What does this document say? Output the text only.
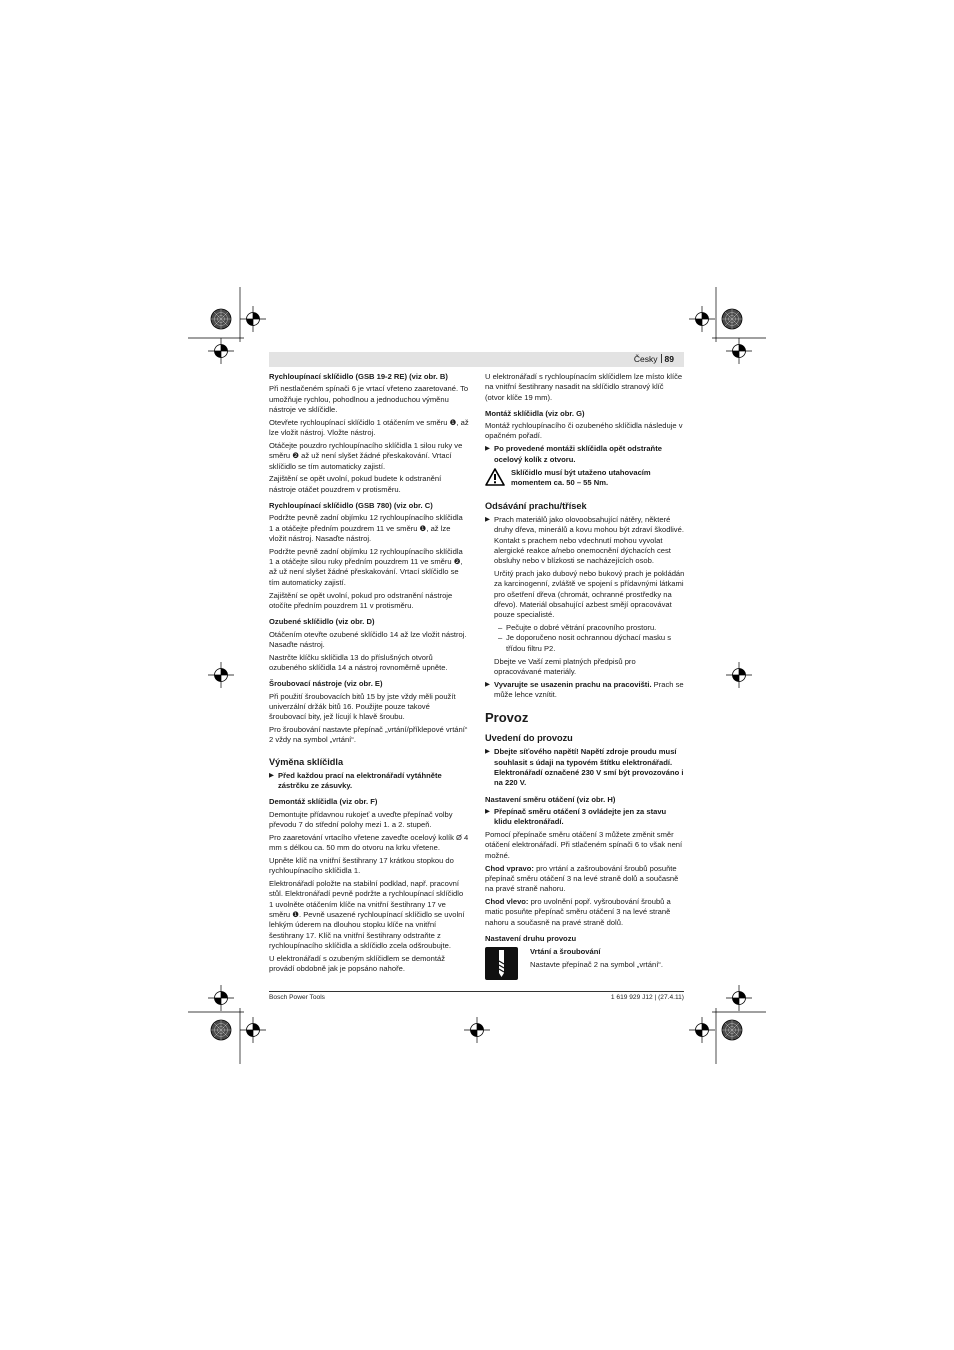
Česky 89
Rychloupínací sklíčidlo (GSB 19-2 RE) (viz obr. B)

Při nestlačeném spínači 6 je vrtací vřeteno zaaretované. To umožňuje rychlou, pohodlnou a jednoduchou výměnu nástroje ve sklíčidle.

Otevřete rychloupínací sklíčidlo 1 otáčením ve směru ❶, až lze vložit nástroj. Vložte nástroj.

Otáčejte pouzdro rychloupínacího sklíčidla 1 silou ruky ve směru ❷ až už není slyšet žádné přeskakování. Vrtací sklíčidlo se tím automaticky zajistí.

Zajištění se opět uvolní, pokud budete k odstranění nástroje otáčet pouzdrem v protisměru.

Rychloupínací sklíčidlo (GSB 780) (viz obr. C)

Podržte pevně zadní objímku 12 rychloupínacího sklíčidla 1 a otáčejte předním pouzdrem 11 ve směru ❶, až lze vložit nástroj. Nasaďte nástroj.

Podržte pevně zadní objímku 12 rychloupínacího sklíčidla 1 a otáčejte silou ruky předním pouzdrem 11 ve směru ❷, až už není slyšet žádné přeskakování. Vrtací sklíčidlo se tím automaticky zajistí.

Zajištění se opět uvolní, pokud pro odstranění nástroje otočíte předním pouzdrem 11 v protisměru.

Ozubené sklíčidlo (viz obr. D)

Otáčením otevřte ozubené sklíčidlo 14 až lze vložit nástroj. Nasaďte nástroj.

Nastrčte klíčku sklíčidla 13 do příslušných otvorů ozubeného sklíčidla 14 a nástroj rovnoměrně upněte.

Šroubovací nástroje (viz obr. E)

Při použití šroubovacích bitů 15 by jste vždy měli použít univerzální držák bitů 16. Použijte pouze takové šroubovací bity, jež lícují k hlavě šroubu.

Pro šroubování nastavte přepínač „vrtání/příklepové vrtání“ 2 vždy na symbol „vrtání“.

Výměna sklíčidla
▶ Před každou prací na elektronářadí vytáhněte zástrčku ze zásuvky.
Demontáž sklíčidla (viz obr. F)

Demontujte přídavnou rukojeť a uveďte přepínač volby převodu 7 do střední polohy mezi 1. a 2. stupeň.

Pro zaaretování vrtacího vřetene zaveďte ocelový kolík Ø 4 mm s délkou ca. 50 mm do otvoru na krku vřetene.

Upněte klíč na vnitřní šestihrany 17 krátkou stopkou do rychloupínacího sklíčidla 1.

Elektronářadí položte na stabilní podklad, např. pracovní stůl. Elektronářadí pevně podržte a rychloupínací sklíčidlo 1 uvolněte otáčením klíče na vnitřní šestihrany 17 ve směru ❶. Pevně usazené rychloupínací sklíčidlo se uvolní lehkým úderem na dlouhou stopku klíče na vnitřní šestihrany 17. Klíč na vnitřní šestihrany odstraňte z rychloupínacího sklíčidla a sklíčidlo zcela odšroubujte.

U elektronářadí s ozubeným sklíčidlem se demontáž provádí obdobně jak je popsáno nahoře.

U elektronářadí s rychloupínacím sklíčidlem lze místo klíče na vnitřní šestihrany nasadit na sklíčidlo stranový klíč (otvor klíče 19 mm).

Montáž sklíčidla (viz obr. G)

Montáž rychloupínacího či ozubeného sklíčidla následuje v opačném pořadí.

▶ Po provedené montáži sklíčidla opět odstraňte ocelový kolík z otvoru.
Sklíčidlo musí být utaženo utahovacím momentem ca. 50 – 55 Nm.
Odsávání prachu/třísek
▶ Prach materiálů jako olovoobsahující nátěry, některé druhy dřeva, minerálů a kovu mohou být zdraví škodlivé. Kontakt s prachem nebo vdechnutí mohou vyvolat alergické reakce a/nebo onemocnění dýchacích cest obsluhy nebo v blízkosti se nacházejících osob.

Určitý prach jako dubový nebo bukový prach je pokládán za karcinogenní, zvláště ve spojení s přídavnými látkami pro ošetření dřeva (chromát, ochranné prostředky na dřevo). Materiál obsahující azbest smějí opracovávat pouze specialisté.

– Pečujte o dobré větrání pracovního prostoru.
– Je doporučeno nosit ochrannou dýchací masku s třídou filtru P2.

Dbejte ve Vaší zemi platných předpisů pro opracovávané materiály.

▶ Vyvarujte se usazenin prachu na pracovišti. Prach se může lehce vznítit.
Provoz
Uvedení do provozu
▶ Dbejte síťového napětí! Napětí zdroje proudu musí souhlasit s údaji na typovém štítku elektronářadí. Elektronářadí označené 230 V smí být provozováno i na 220 V.
Nastavení směru otáčení (viz obr. H)
▶ Přepínač směru otáčení 3 ovládejte jen za stavu klidu elektronářadí.

Pomocí přepínače směru otáčení 3 můžete změnit směr otáčení elektronářadí. Při stlačeném spínači 6 to však není možné.

Chod vpravo: pro vrtání a zašroubování šroubů posuňte přepínač směru otáčení 3 na levé straně dolů a současně na pravé straně nahoru.

Chod vlevo: pro uvolnění popř. vyšroubování šroubů a matic posuňte přepínač směru otáčení 3 na levé straně nahoru a současně na pravé straně dolů.

Nastavení druhu provozu
Vrtání a šroubování

Nastavte přepínač 2 na symbol „vrtání“.

Bosch Power Tools	1 619 929 J12 | (27.4.11)
